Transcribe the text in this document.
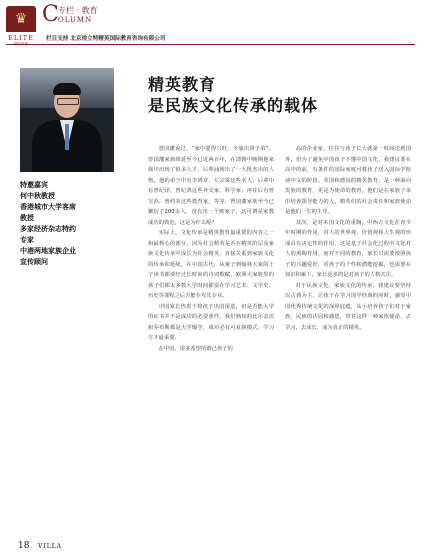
♛
ELITE
C 专栏 · 教育
OLUMN
栏目支持 北京埃立特精英国际教育咨询有限公司
特邀嘉宾
何中秋教授
香港城市大学客席
教授
多家经济杂志特约
专家
中港两地家族企业
宣传顾问
精英教育
是民族文化传承的载体

曾国藩说过，“家中要得兴旺，全靠出贤子弟”。曾国藩家族绵延至今已近两百年，在清朝中晚期他家族中出现了很多人才，后辈涌现出了一大批杰出的人物。他的弟子中有李鸿章，左宗棠这些名人；后辈中有曾纪泽，曾纪鸿这些外交家，科学家；再往后有曾宝荪，曾约农这些教育家，等等。曾国藩家族至今已繁衍了200余人，没有出一个败家子，这可谓是家教成功的典范。这是为什么呢？

实际上，文化传承是精英教育最重要的内容之一和最核心的部分。因为社会精英是否在精英阶层及家族文化传承中成长为社会精英，直接关系到家族文化的传承和延续。在中国古代，从童子到翰林大家的士子读书都要经过长时间的诗词歌赋，欧洲大家族里的孩子们都太多数大学时间都要在学习艺术、文学史、历史等课程之后方能专攻其专业。

中国家长热衷于将孩子出国深造，但是否能大学的证书并不是成功的必要条件。我们熟知的比尔盖茨和乔布斯都是大学辍学，成功必有可复制模式，学习方才最重要。

在中国，很多希望所谓已孩子的

高的企业家，往往与孩子长大就第一时间送到国外，但为了避免中国孩子不懂中国文化，我建议要在高中的前，有条件的国际家庭可将孩子送入国际学校读中文的阶段。英国和德国的精英教育，是一种面向贵族的教育，更是为使命的教育，他们是在家族子弟中培养领导能力的人。精英们的社会责任和家族使命是他们一生的主导。

其次，是对本国文化的重陶。中西方文化在青少年时期的作用，对人的世界观，价值观和人生观的形成具有决定性的作用，这是基于社会化过程中文化对人的熏陶作用。而对不同的教育，家长只需要按照孩子的兴趣爱好，对孩子的个性和潜能挖掘，也需要在知识积累下，家长更多的是对孩子的人格关注。

对于民族文化、家族文化的传承，我建议要坚持以古典为主，让孩子在学习国学经典的同时，感受中国优秀传统文化的深厚底蕴，从小培养孩子们对于家族，民族的认同和感恩，带着这样一种家族使命，去学习，去成长，成为真正的精英。

18 VILLA
